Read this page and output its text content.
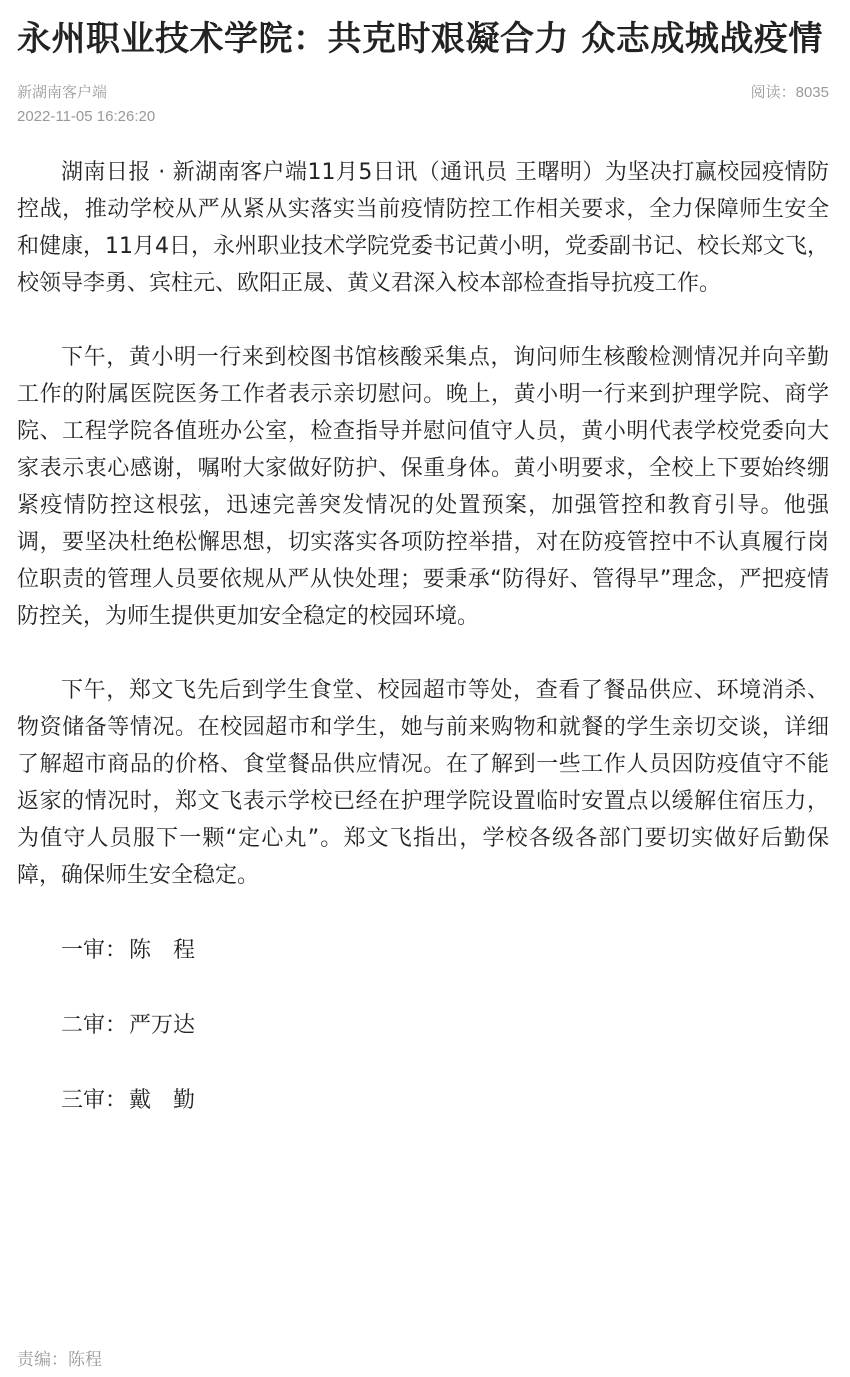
永州职业技术学院：共克时艰凝合力 众志成城战疫情
新湖南客户端
2022-11-05 16:26:20
阅读：8035

湖南日报 · 新湖南客户端11月5日讯（通讯员 王曙明）为坚决打赢校园疫情防控战，推动学校从严从紧从实落实当前疫情防控工作相关要求，全力保障师生安全和健康，11月4日，永州职业技术学院党委书记黄小明，党委副书记、校长郑文飞，校领导李勇、宾柱元、欧阳正晟、黄义君深入校本部检查指导抗疫工作。

下午，黄小明一行来到校图书馆核酸采集点，询问师生核酸检测情况并向辛勤工作的附属医院医务工作者表示亲切慰问。晚上，黄小明一行来到护理学院、商学院、工程学院各值班办公室，检查指导并慰问值守人员，黄小明代表学校党委向大家表示衷心感谢，嘱咐大家做好防护、保重身体。黄小明要求，全校上下要始终绷紧疫情防控这根弦，迅速完善突发情况的处置预案，加强管控和教育引导。他强调，要坚决杜绝松懈思想，切实落实各项防控举措，对在防疫管控中不认真履行岗位职责的管理人员要依规从严从快处理；要秉承“防得好、管得早”理念，严把疫情防控关，为师生提供更加安全稳定的校园环境。

下午，郑文飞先后到学生食堂、校园超市等处，查看了餐品供应、环境消杀、物资储备等情况。在校园超市和学生，她与前来购物和就餐的学生亲切交谈，详细了解超市商品的价格、食堂餐品供应情况。在了解到一些工作人员因防疫值守不能返家的情况时，郑文飞表示学校已经在护理学院设置临时安置点以缓解住宿压力，为值守人员服下一颗“定心丸”。郑文飞指出，学校各级各部门要切实做好后勤保障，确保师生安全稳定。

一审：陈　程

二审：严万达

三审：戴　勤

责编：陈程
